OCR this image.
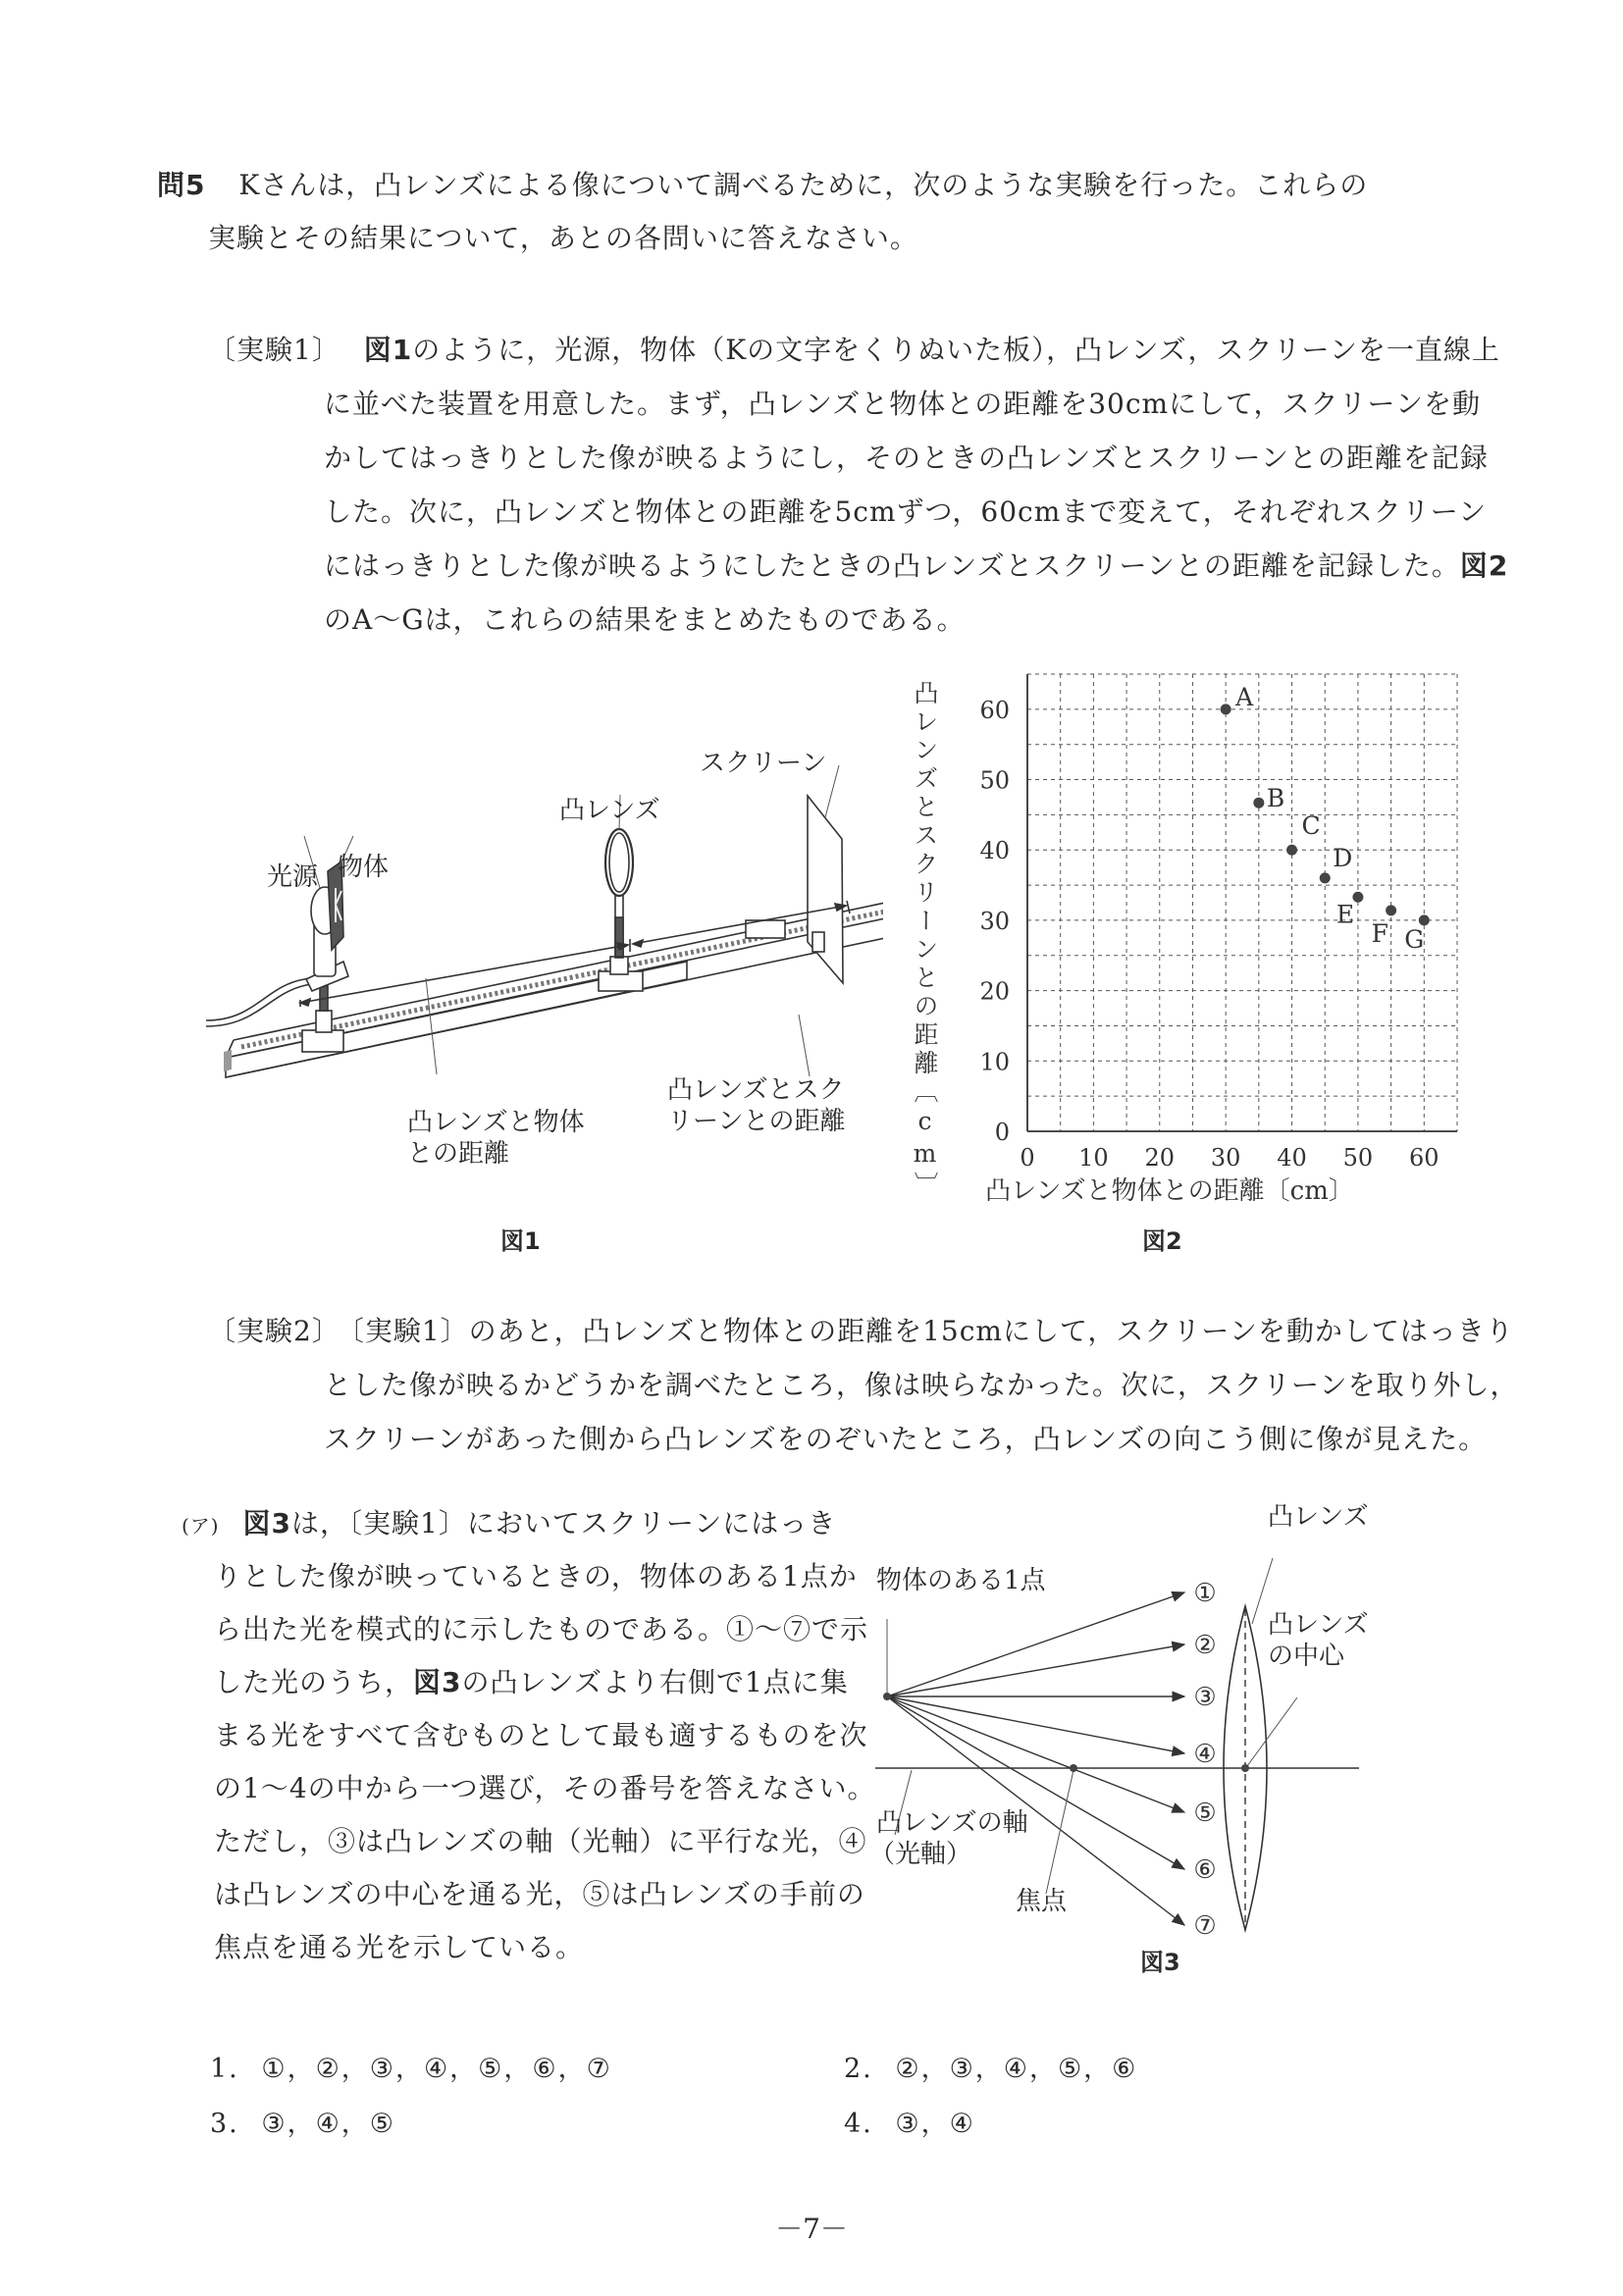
問5 Kさんは，凸レンズによる像について調べるために，次のような実験を行った。これらの
実験とその結果について，あとの各問いに答えなさい。
〔実験1〕 図1のように，光源，物体（Kの文字をくりぬいた板），凸レンズ，スクリーンを一直線上
に並べた装置を用意した。まず，凸レンズと物体との距離を30cmにして，スクリーンを動
かしてはっきりとした像が映るようにし，そのときの凸レンズとスクリーンとの距離を記録
した。次に，凸レンズと物体との距離を5cmずつ，60cmまで変えて，それぞれスクリーン
にはっきりとした像が映るようにしたときの凸レンズとスクリーンとの距離を記録した。図2
のA～Gは，これらの結果をまとめたものである。
光源 物体
凸レンズ
スクリーン
凸レンズと物体
との距離
凸レンズとスク
リーンとの距離
図1
0 10 20 30 40 50 60
0
10
20
30
40
50
60
凸レンズと物体との距離〔cm〕
A
B
C
D
E
F G
凸レンズとスクリーンとの距離〔cm〕
図2
〔実験2〕 〔実験1〕のあと，凸レンズと物体との距離を15cmにして，スクリーンを動かしてはっきり
とした像が映るかどうかを調べたところ，像は映らなかった。次に，スクリーンを取り外し，
スクリーンがあった側から凸レンズをのぞいたところ，凸レンズの向こう側に像が見えた。
(ア) 図3は，〔実験1〕においてスクリーンにはっき
りとした像が映っているときの，物体のある1点か
ら出た光を模式的に示したものである。①～⑦で示
した光のうち，図3の凸レンズより右側で1点に集
まる光をすべて含むものとして最も適するものを次
の1～4の中から一つ選び，その番号を答えなさい。
ただし，③は凸レンズの軸（光軸）に平行な光，④
は凸レンズの中心を通る光，⑤は凸レンズの手前の
焦点を通る光を示している。
①
②
③
④
⑤
⑥
⑦
物体のある1点
凸レンズ
凸レンズ
の中心
凸レンズの軸
（光軸）
焦点
図3
1. ①，②，③，④，⑤，⑥，⑦	2. ②，③，④，⑤，⑥
3. ③，④，⑤	4. ③，④
－7－
